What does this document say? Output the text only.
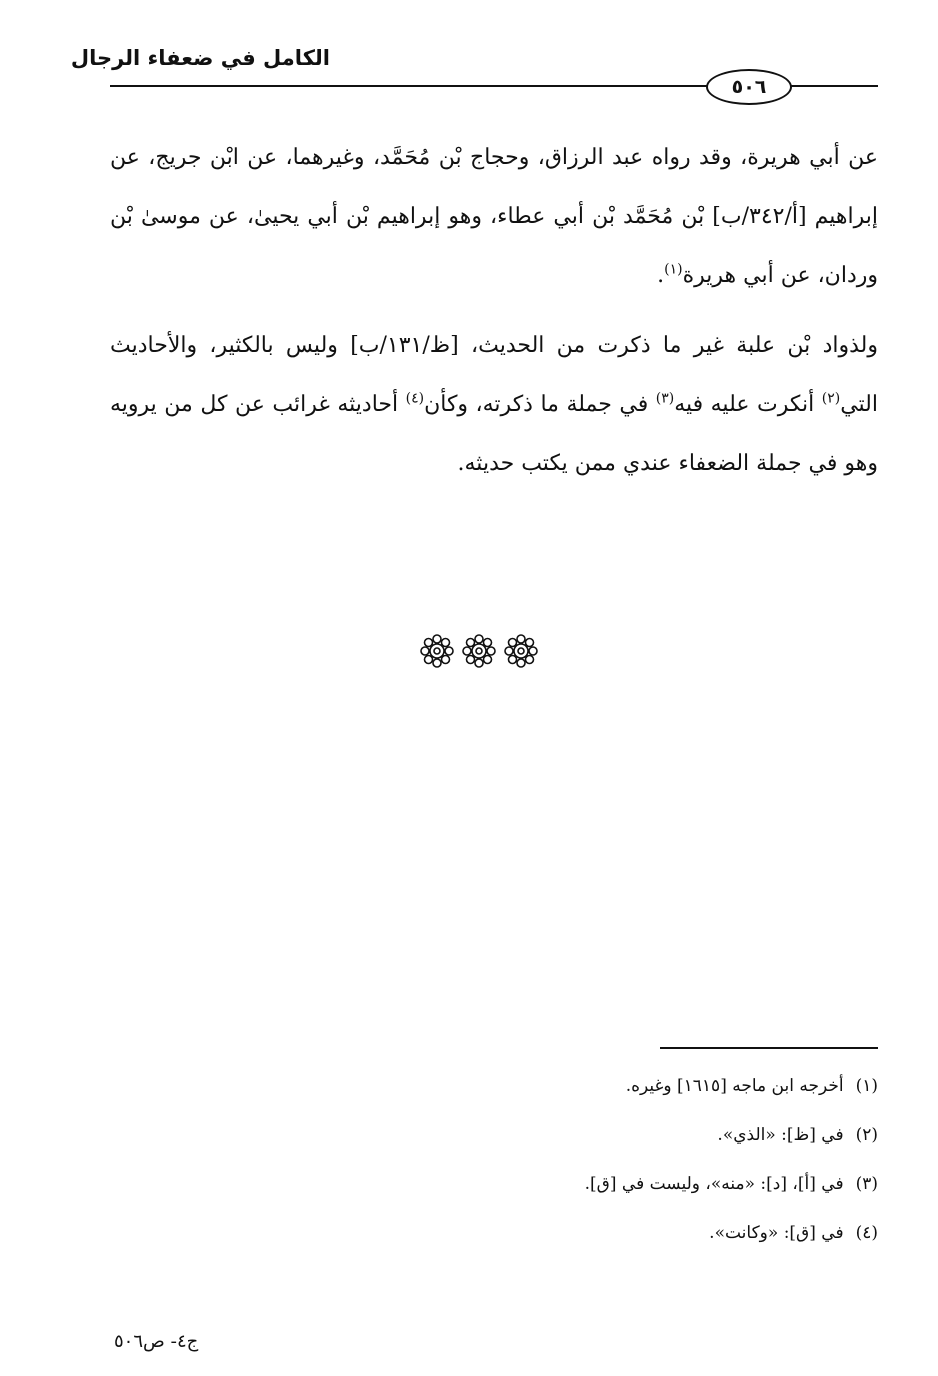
الكامل في ضعفاء الرجال
٥٠٦

عن أبي هريرة، وقد رواه عبد الرزاق، وحجاج بْن مُحَمَّد، وغيرهما، عن ابْن جريج، عن إبراهيم [أ/٣٤٢/ب] بْن مُحَمَّد بْن أبي عطاء، وهو إبراهيم بْن أبي يحيىٰ، عن موسىٰ بْن وردان، عن أبي هريرة$^{(١)}$.

ولذواد بْن علبة غير ما ذكرت من الحديث، [ظ/١٣١/ب] وليس بالكثير، والأحاديث التي$^{(٢)}$ أنكرت عليه فيه$^{(٣)}$ في جملة ما ذكرته، وكأن$^{(٤)}$ أحاديثه غرائب عن كل من يرويه وهو في جملة الضعفاء عندي ممن يكتب حديثه.

(١)أخرجه ابن ماجه [١٦١٥] وغيره.
(٢)في [ظ]: «الذي».
(٣)في [أ]، [د]: «منه»، وليست في [ق].
(٤)في [ق]: «وكانت».
ج٤- ص٥٠٦
